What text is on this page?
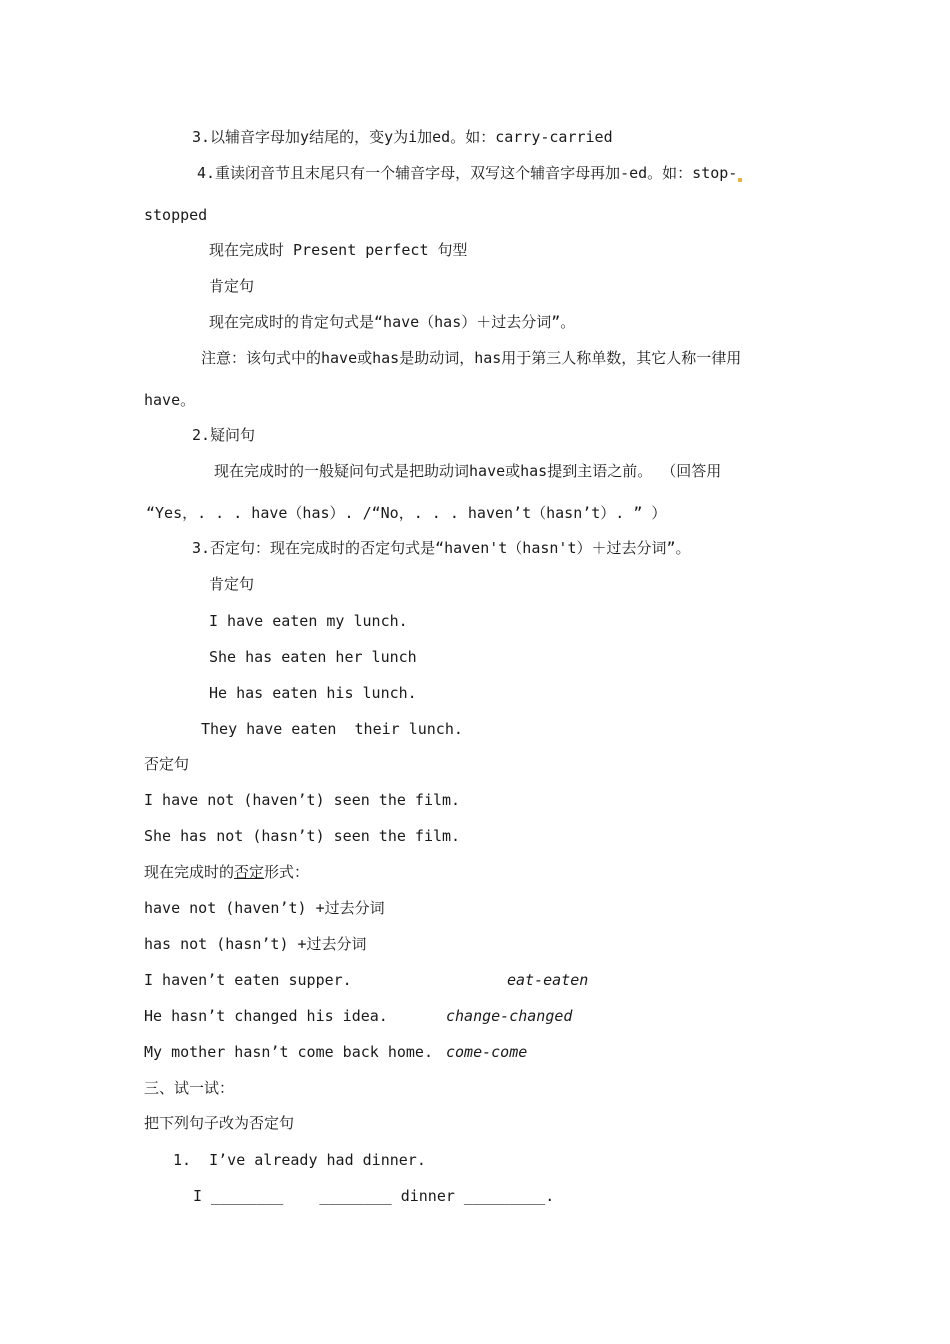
3.以辅音字母加y结尾的，变y为i加ed。如：carry-carried
4.重读闭音节且末尾只有一个辅音字母，双写这个辅音字母再加-ed。如：stop-
stopped
现在完成时 Present perfect 句型
肯定句
现在完成时的肯定句式是“have（has）＋过去分词”。
注意：该句式中的have或has是助动词，has用于第三人称单数，其它人称一律用
have。
2.疑问句
现在完成时的一般疑问句式是把助动词have或has提到主语之前。 （回答用
“Yes，. . . have（has）. /“No，. . . haven’t（hasn’t）. ” ）
3.否定句：现在完成时的否定句式是“haven't（hasn't）＋过去分词”。
肯定句
I have eaten my lunch.
She has eaten her lunch
He has eaten his lunch.
They have eaten  their lunch.
否定句
I have not (haven’t) seen the film.
She has not (hasn’t) seen the film.
现在完成时的否定形式：
have not (haven’t) +过去分词
has not (hasn’t) +过去分词
I haven’t eaten supper.	eat-eaten
He hasn’t changed his idea.	change-changed
My mother hasn’t come back home. come-come
三、试一试：
把下列句子改为否定句
1.  I’ve already had dinner.
I ________    ________ dinner _________.
